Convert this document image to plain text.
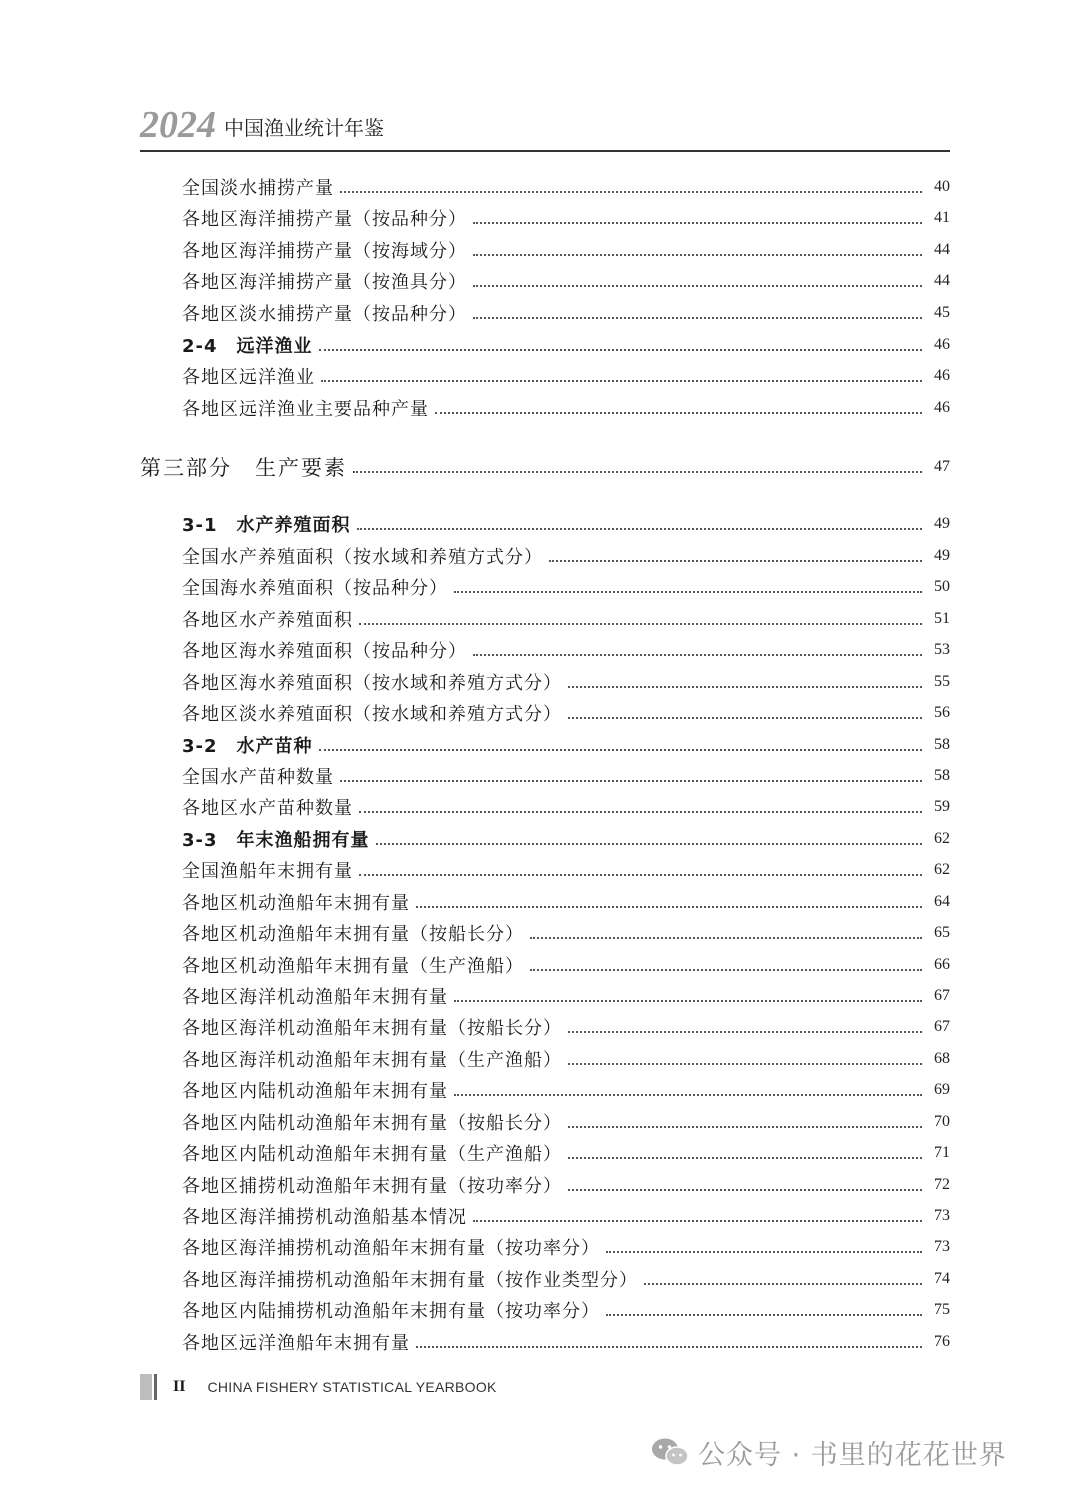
2024 中国渔业统计年鉴
全国淡水捕捞产量	40
各地区海洋捕捞产量（按品种分）	41
各地区海洋捕捞产量（按海域分）	44
各地区海洋捕捞产量（按渔具分）	44
各地区淡水捕捞产量（按品种分）	45
2-4　远洋渔业	46
各地区远洋渔业	46
各地区远洋渔业主要品种产量	46
第三部分　生产要素	47
3-1　水产养殖面积	49
全国水产养殖面积（按水域和养殖方式分）	49
全国海水养殖面积（按品种分）	50
各地区水产养殖面积	51
各地区海水养殖面积（按品种分）	53
各地区海水养殖面积（按水域和养殖方式分）	55
各地区淡水养殖面积（按水域和养殖方式分）	56
3-2　水产苗种	58
全国水产苗种数量	58
各地区水产苗种数量	59
3-3　年末渔船拥有量	62
全国渔船年末拥有量	62
各地区机动渔船年末拥有量	64
各地区机动渔船年末拥有量（按船长分）	65
各地区机动渔船年末拥有量（生产渔船）	66
各地区海洋机动渔船年末拥有量	67
各地区海洋机动渔船年末拥有量（按船长分）	67
各地区海洋机动渔船年末拥有量（生产渔船）	68
各地区内陆机动渔船年末拥有量	69
各地区内陆机动渔船年末拥有量（按船长分）	70
各地区内陆机动渔船年末拥有量（生产渔船）	71
各地区捕捞机动渔船年末拥有量（按功率分）	72
各地区海洋捕捞机动渔船基本情况	73
各地区海洋捕捞机动渔船年末拥有量（按功率分）	73
各地区海洋捕捞机动渔船年末拥有量（按作业类型分）	74
各地区内陆捕捞机动渔船年末拥有量（按功率分）	75
各地区远洋渔船年末拥有量	76
II CHINA FISHERY STATISTICAL YEARBOOK
公众号 · 书里的花花世界
